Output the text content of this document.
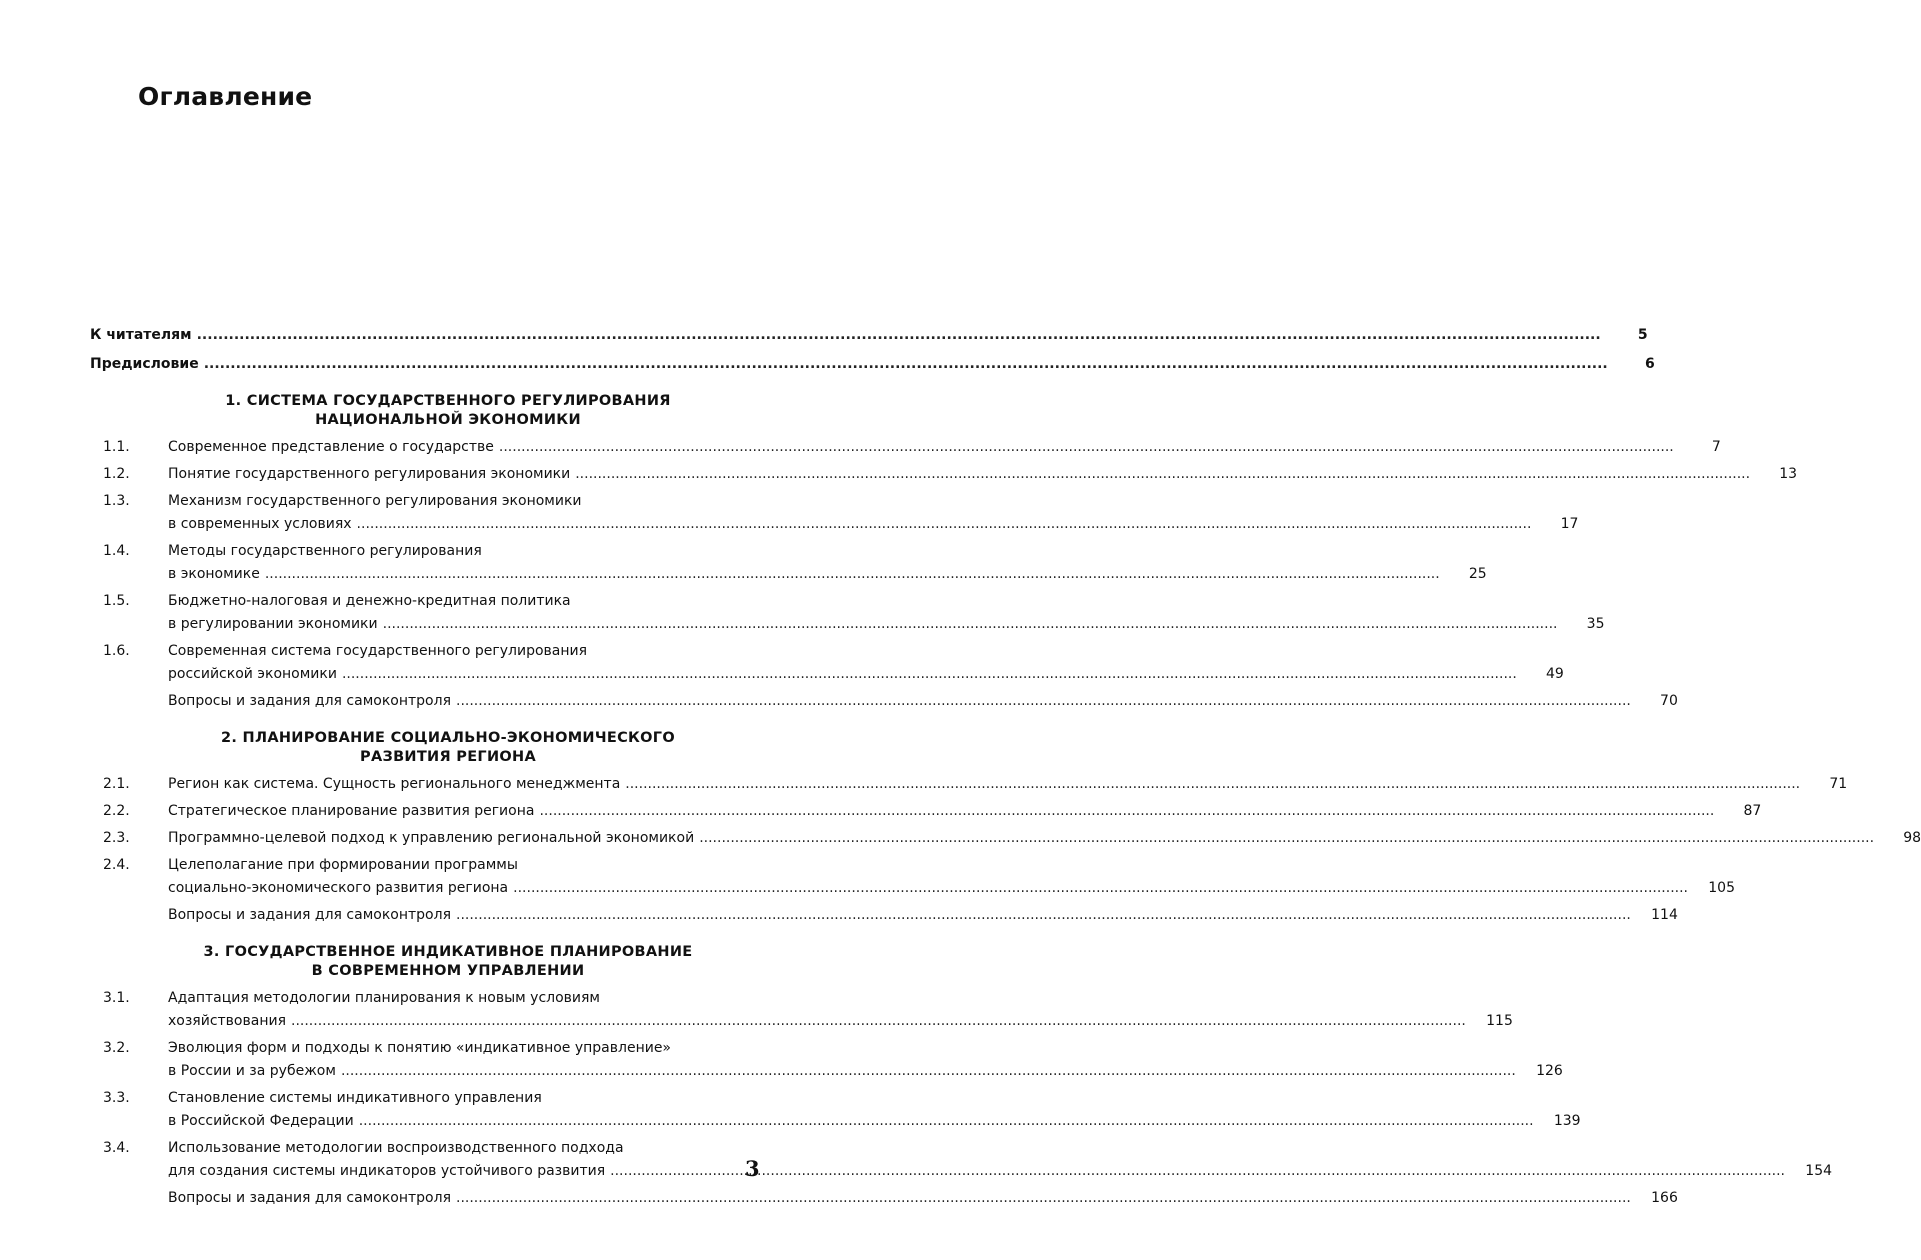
Оглавление
К читателям .....	5
Предисловие .....	6
1. СИСТЕМА ГОСУДАРСТВЕННОГО РЕГУЛИРОВАНИЯ
НАЦИОНАЛЬНОЙ ЭКОНОМИКИ
1.1.	Современное представление о государстве .....	7
1.2.	Понятие государственного регулирования экономики .....	13
1.3.	Механизм государственного регулирования экономики
в современных условиях .....	17
1.4.	Методы государственного регулирования
в экономике .....	25
1.5.	Бюджетно-налоговая и денежно-кредитная политика
в регулировании экономики .....	35
1.6.	Современная система государственного регулирования
российской экономики .....	49
Вопросы и задания для самоконтроля .....	70
2. ПЛАНИРОВАНИЕ СОЦИАЛЬНО-ЭКОНОМИЧЕСКОГО
РАЗВИТИЯ РЕГИОНА
2.1.	Регион как система. Сущность регионального менеджмента .....	71
2.2.	Стратегическое планирование развития региона .....	87
2.3.	Программно-целевой подход к управлению региональной экономикой .....	98
2.4.	Целеполагание при формировании программы
социально-экономического развития региона .....	105
Вопросы и задания для самоконтроля .....	114
3. ГОСУДАРСТВЕННОЕ ИНДИКАТИВНОЕ ПЛАНИРОВАНИЕ
В СОВРЕМЕННОМ УПРАВЛЕНИИ
3.1.	Адаптация методологии планирования к новым условиям
хозяйствования .....	115
3.2.	Эволюция форм и подходы к понятию «индикативное управление»
в России и за рубежом .....	126
3.3.	Становление системы индикативного управления
в Российской Федерации .....	139
3.4.	Использование методологии воспроизводственного подхода
для создания системы индикаторов устойчивого развития .....	154
Вопросы и задания для самоконтроля .....	166
3
